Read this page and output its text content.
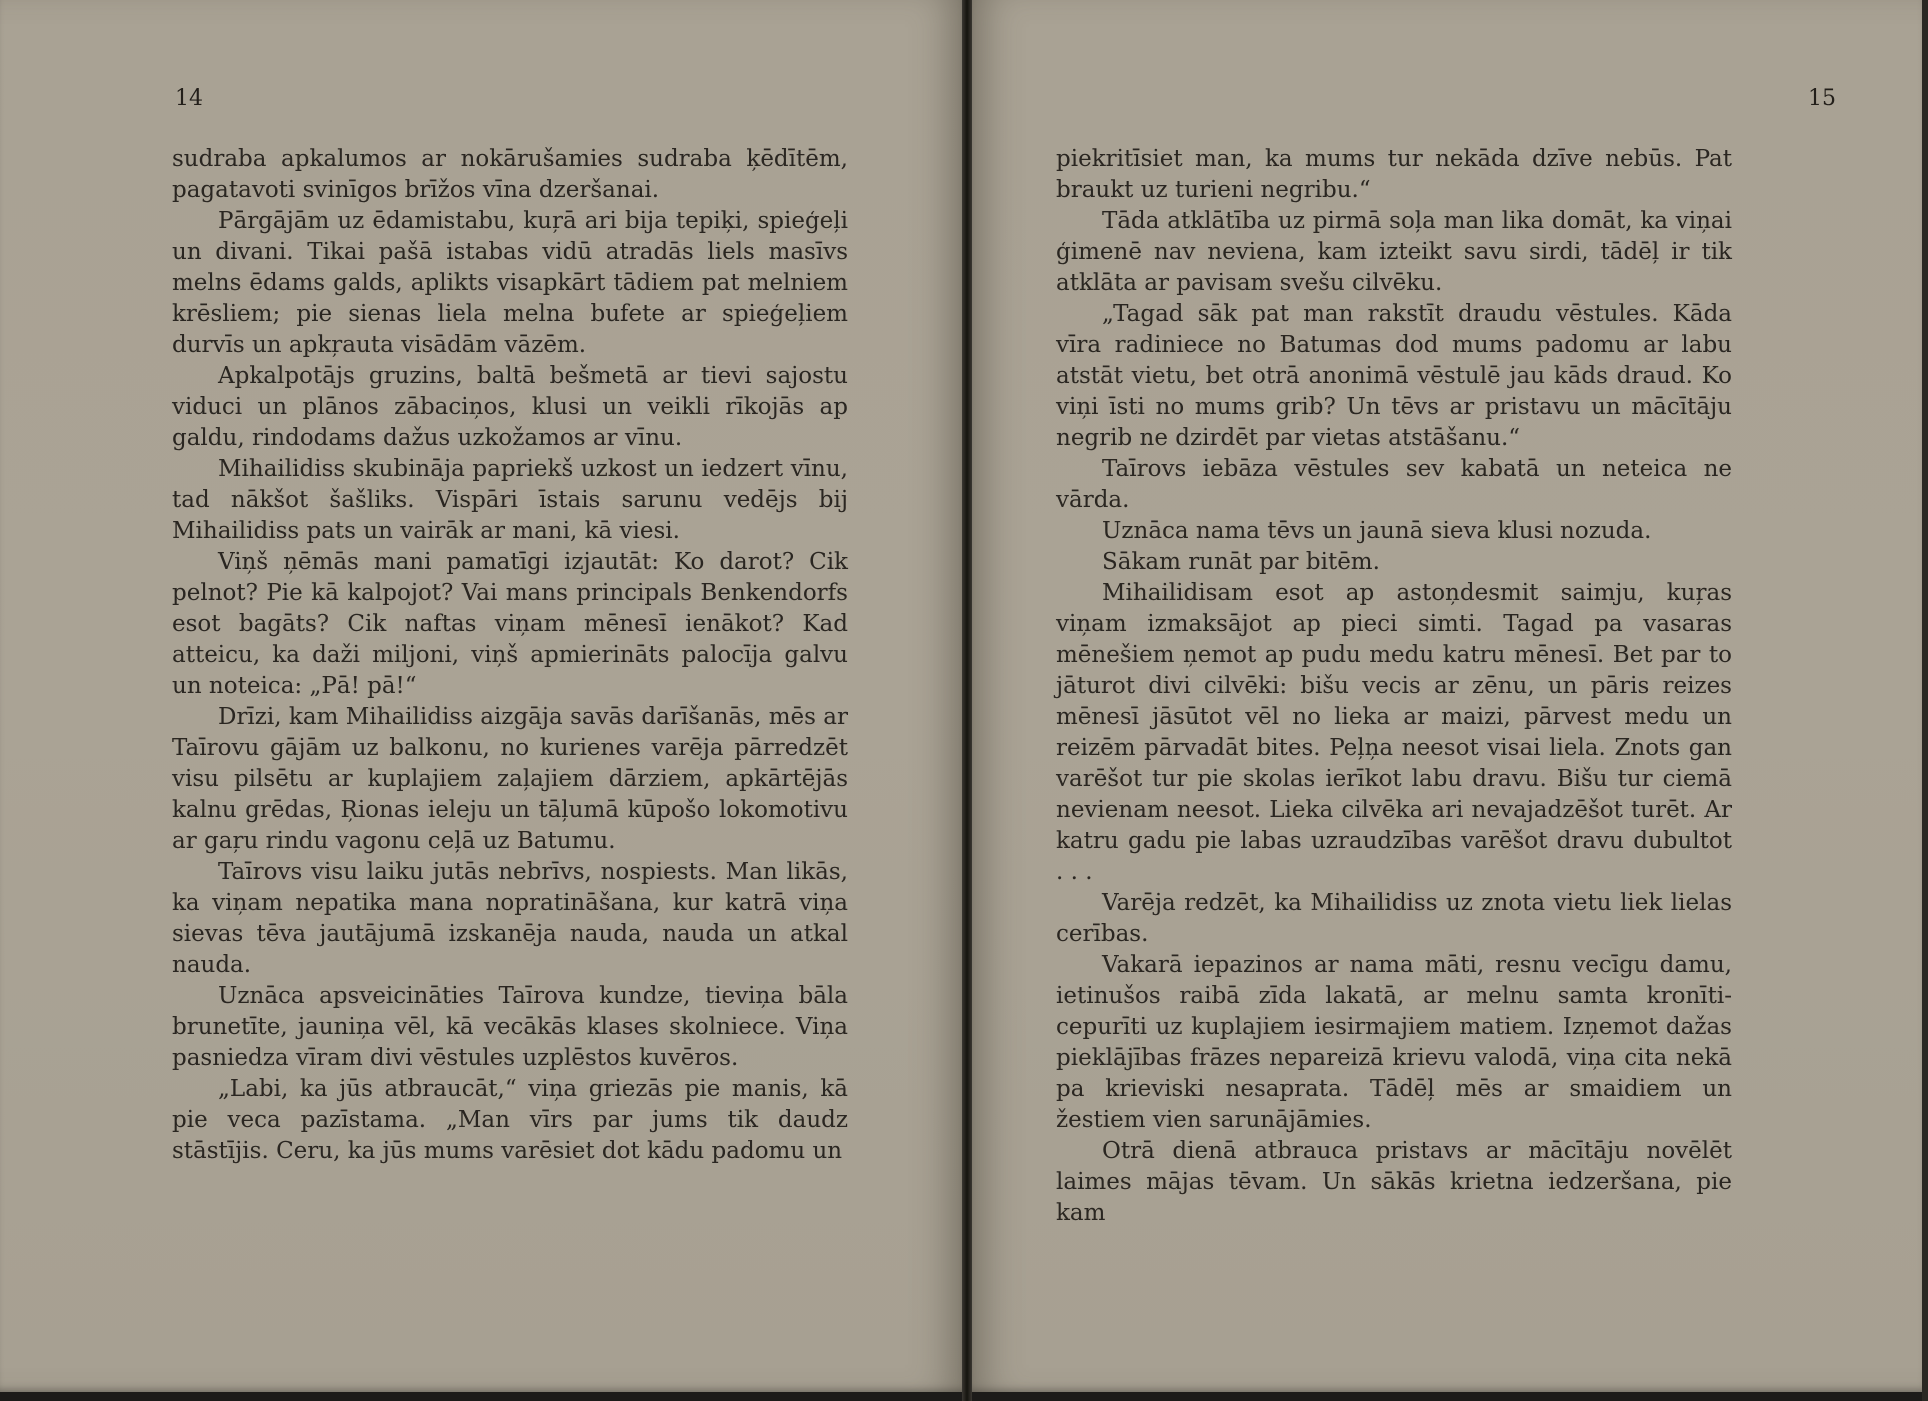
14

sudraba apkalumos ar nokārušamies sudraba ķēdītēm, pagatavoti svinīgos brīžos vīna dzeršanai.

Pārgājām uz ēdamistabu, kuŗā ari bija tepiķi, spieģeļi un divani. Tikai pašā istabas vidū atradās liels masīvs melns ēdams galds, aplikts visapkārt tādiem pat melniem krēsliem; pie sienas liela melna bufete ar spieģeļiem durvīs un apkŗauta visādām vāzēm.

Apkalpotājs gruzins, baltā bešmetā ar tievi sajostu viduci un plānos zābaciņos, klusi un veikli rīkojās ap galdu, rindodams dažus uzkožamos ar vīnu.

Mihailidiss skubināja papriekš uzkost un iedzert vīnu, tad nākšot šašliks. Vispāri īstais sarunu vedējs bij Mihailidiss pats un vairāk ar mani, kā viesi.

Viņš ņēmās mani pamatīgi izjautāt: Ko darot? Cik pelnot? Pie kā kalpojot? Vai mans principals Benkendorfs esot bagāts? Cik naftas viņam mēnesī ienākot? Kad atteicu, ka daži miljoni, viņš apmierināts palocīja galvu un noteica: „Pā! pā!“

Drīzi, kam Mihailidiss aizgāja savās darīšanās, mēs ar Taīrovu gājām uz balkonu, no kurienes varēja pārredzēt visu pilsētu ar kuplajiem zaļajiem dārziem, apkārtējās kalnu grēdas, Ŗionas ieleju un tāļumā kūpošo lokomotivu ar gaŗu rindu vagonu ceļā uz Batumu.

Taīrovs visu laiku jutās nebrīvs, nospiests. Man likās, ka viņam nepatika mana nopratināšana, kur katrā viņa sievas tēva jautājumā izskanēja nauda, nauda un atkal nauda.

Uznāca apsveicināties Taīrova kundze, tieviņa bāla brunetīte, jauniņa vēl, kā vecākās klases skolniece. Viņa pasniedza vīram divi vēstules uzplēstos kuvēros.

„Labi, ka jūs atbraucāt,“ viņa griezās pie manis, kā pie veca pazīstama. „Man vīrs par jums tik daudz stāstījis. Ceru, ka jūs mums varēsiet dot kādu padomu un

15

piekritīsiet man, ka mums tur nekāda dzīve nebūs. Pat braukt uz turieni negribu.“

Tāda atklātība uz pirmā soļa man lika domāt, ka viņai ģimenē nav neviena, kam izteikt savu sirdi, tādēļ ir tik atklāta ar pavisam svešu cilvēku.

„Tagad sāk pat man rakstīt draudu vēstules. Kāda vīra radiniece no Batumas dod mums padomu ar labu atstāt vietu, bet otrā anonimā vēstulē jau kāds draud. Ko viņi īsti no mums grib? Un tēvs ar pristavu un mācītāju negrib ne dzirdēt par vietas atstāšanu.“

Taīrovs iebāza vēstules sev kabatā un neteica ne vārda.

Uznāca nama tēvs un jaunā sieva klusi nozuda.

Sākam runāt par bitēm.

Mihailidisam esot ap astoņdesmit saimju, kuŗas viņam izmaksājot ap pieci simti. Tagad pa vasaras mēnešiem ņemot ap pudu medu katru mēnesī. Bet par to jāturot divi cilvēki: bišu vecis ar zēnu, un pāris reizes mēnesī jāsūtot vēl no lieka ar maizi, pārvest medu un reizēm pārvadāt bites. Peļņa neesot visai liela. Znots gan varēšot tur pie skolas ierīkot labu dravu. Bišu tur ciemā nevienam neesot. Lieka cilvēka ari nevajadzēšot turēt. Ar katru gadu pie labas uzraudzības varēšot dravu dubultot . . .

Varēja redzēt, ka Mihailidiss uz znota vietu liek lielas cerības.

Vakarā iepazinos ar nama māti, resnu vecīgu damu, ietinušos raibā zīda lakatā, ar melnu samta kronīti-cepurīti uz kuplajiem iesirmajiem matiem. Izņemot dažas pieklājības frāzes nepareizā krievu valodā, viņa cita nekā pa krieviski nesaprata. Tādēļ mēs ar smaidiem un žestiem vien sarunājāmies.

Otrā dienā atbrauca pristavs ar mācītāju novēlēt laimes mājas tēvam. Un sākās krietna iedzeršana, pie kam
